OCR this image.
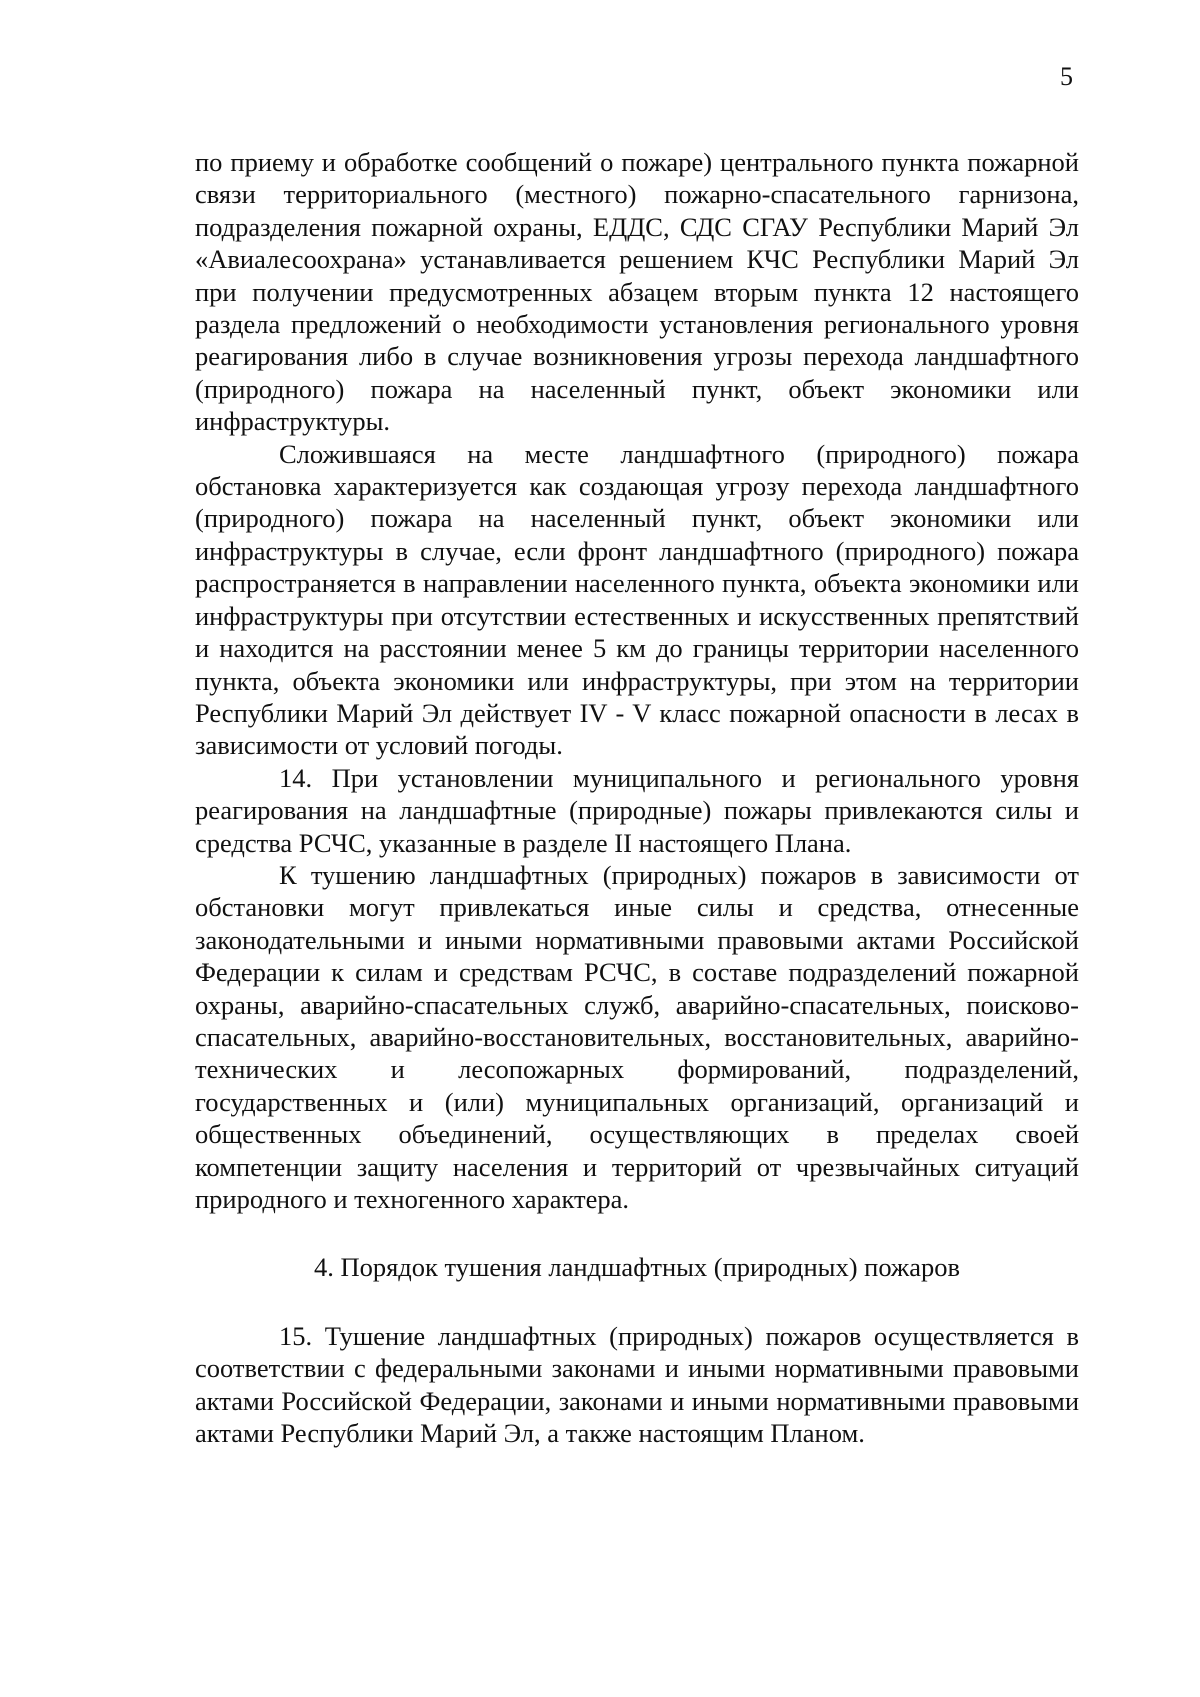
5

по приему и обработке сообщений о пожаре) центрального пункта пожарной связи территориального (местного) пожарно-спасательного гарнизона, подразделения пожарной охраны, ЕДДС, СДС СГАУ Республики Марий Эл «Авиалесоохрана» устанавливается решением КЧС Республики Марий Эл при получении предусмотренных абзацем вторым пункта 12 настоящего раздела предложений о необходимости установления регионального уровня реагирования либо в случае возникновения угрозы перехода ландшафтного (природного) пожара на населенный пункт, объект экономики или инфраструктуры.

Сложившаяся на месте ландшафтного (природного) пожара обстановка характеризуется как создающая угрозу перехода ландшафтного (природного) пожара на населенный пункт, объект экономики или инфраструктуры в случае, если фронт ландшафтного (природного) пожара распространяется в направлении населенного пункта, объекта экономики или инфраструктуры при отсутствии естественных и искусственных препятствий и находится на расстоянии менее 5 км до границы территории населенного пункта, объекта экономики или инфраструктуры, при этом на территории Республики Марий Эл действует IV - V класс пожарной опасности в лесах в зависимости от условий погоды.

14. При установлении муниципального и регионального уровня реагирования на ландшафтные (природные) пожары привлекаются силы и средства РСЧС, указанные в разделе II настоящего Плана.

К тушению ландшафтных (природных) пожаров в зависимости от обстановки могут привлекаться иные силы и средства, отнесенные законодательными и иными нормативными правовыми актами Российской Федерации к силам и средствам РСЧС, в составе подразделений пожарной охраны, аварийно-спасательных служб, аварийно-спасательных, поисково-спасательных, аварийно-восстановительных, восстановительных, аварийно-технических и лесопожарных формирований, подразделений, государственных и (или) муниципальных организаций, организаций и общественных объединений, осуществляющих в пределах своей компетенции защиту населения и территорий от чрезвычайных ситуаций природного и техногенного характера.

4. Порядок тушения ландшафтных (природных) пожаров

15. Тушение ландшафтных (природных) пожаров осуществляется в соответствии с федеральными законами и иными нормативными правовыми актами Российской Федерации, законами и иными нормативными правовыми актами Республики Марий Эл, а также настоящим Планом.
